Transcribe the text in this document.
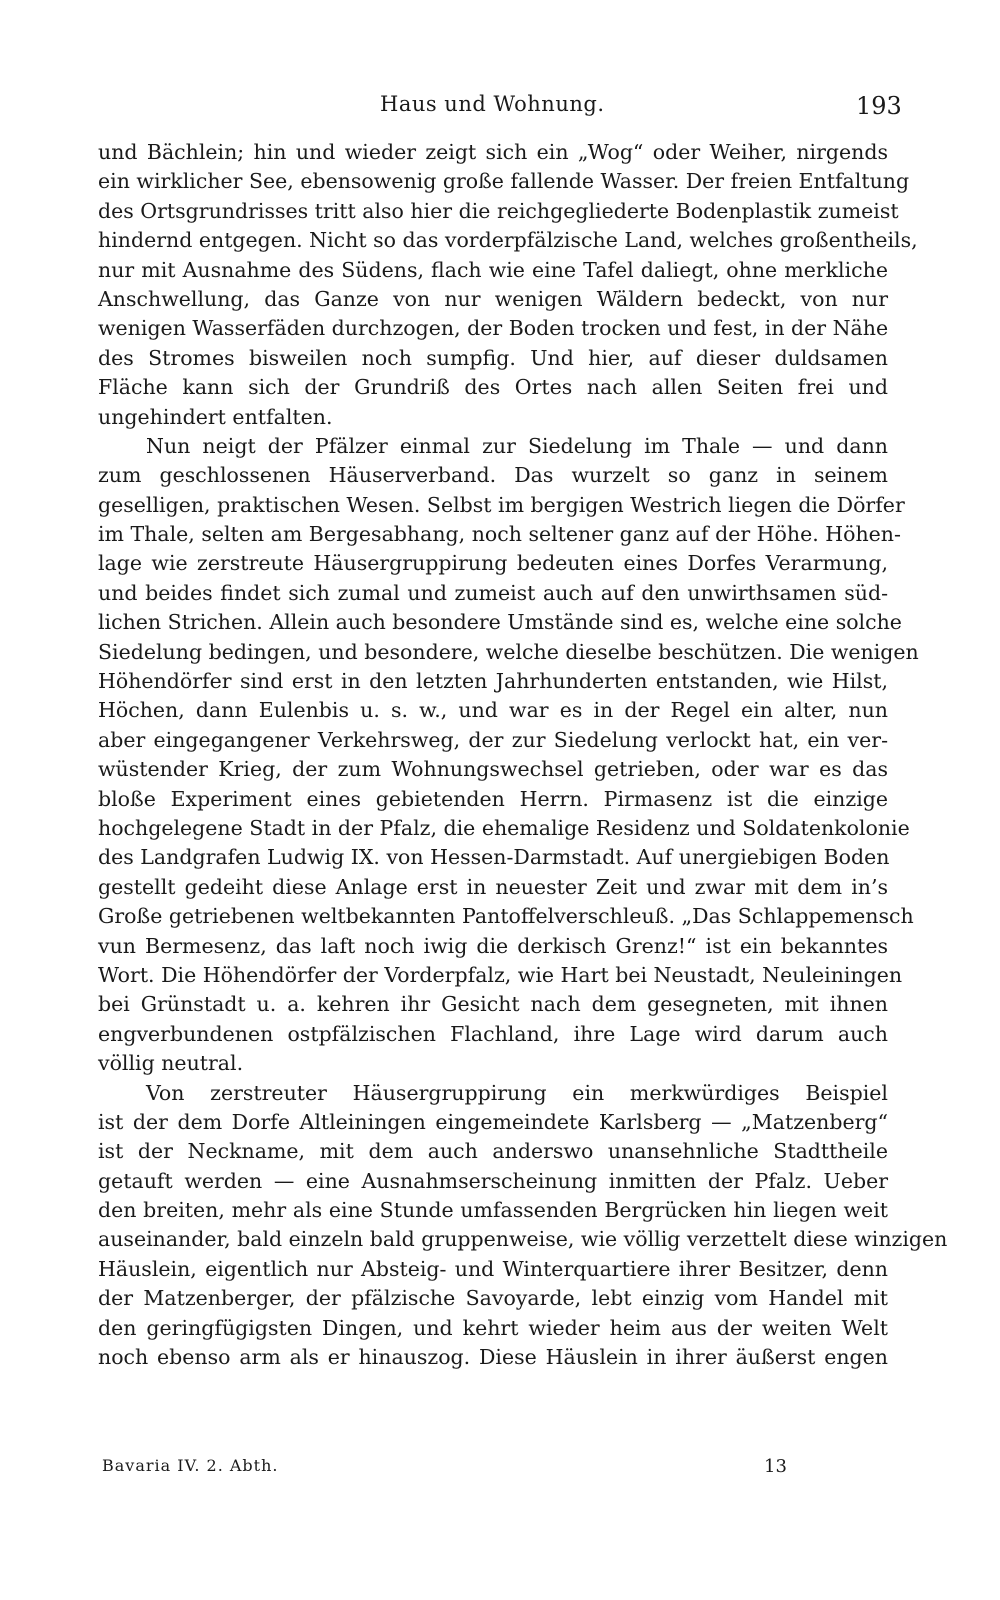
Haus und Wohnung.	193
und Bächlein; hin und wieder zeigt sich ein „Wog“ oder Weiher, nirgends
ein wirklicher See, ebensowenig große fallende Wasser. Der freien Entfaltung
des Ortsgrundrisses tritt also hier die reichgegliederte Bodenplastik zumeist
hindernd entgegen. Nicht so das vorderpfälzische Land, welches großentheils,
nur mit Ausnahme des Südens, flach wie eine Tafel daliegt, ohne merkliche
Anschwellung, das Ganze von nur wenigen Wäldern bedeckt, von nur
wenigen Wasserfäden durchzogen, der Boden trocken und fest, in der Nähe
des Stromes bisweilen noch sumpfig. Und hier, auf dieser duldsamen
Fläche kann sich der Grundriß des Ortes nach allen Seiten frei und
ungehindert entfalten.
Nun neigt der Pfälzer einmal zur Siedelung im Thale — und dann
zum geschlossenen Häuserverband. Das wurzelt so ganz in seinem
geselligen, praktischen Wesen. Selbst im bergigen Westrich liegen die Dörfer
im Thale, selten am Bergesabhang, noch seltener ganz auf der Höhe. Höhen-
lage wie zerstreute Häusergruppirung bedeuten eines Dorfes Verarmung,
und beides findet sich zumal und zumeist auch auf den unwirthsamen süd-
lichen Strichen. Allein auch besondere Umstände sind es, welche eine solche
Siedelung bedingen, und besondere, welche dieselbe beschützen. Die wenigen
Höhendörfer sind erst in den letzten Jahrhunderten entstanden, wie Hilst,
Höchen, dann Eulenbis u. s. w., und war es in der Regel ein alter, nun
aber eingegangener Verkehrsweg, der zur Siedelung verlockt hat, ein ver-
wüstender Krieg, der zum Wohnungswechsel getrieben, oder war es das
bloße Experiment eines gebietenden Herrn. Pirmasenz ist die einzige
hochgelegene Stadt in der Pfalz, die ehemalige Residenz und Soldatenkolonie
des Landgrafen Ludwig IX. von Hessen-Darmstadt. Auf unergiebigen Boden
gestellt gedeiht diese Anlage erst in neuester Zeit und zwar mit dem in’s
Große getriebenen weltbekannten Pantoffelverschleuß. „Das Schlappemensch
vun Bermesenz, das laft noch iwig die derkisch Grenz!“ ist ein bekanntes
Wort. Die Höhendörfer der Vorderpfalz, wie Hart bei Neustadt, Neuleiningen
bei Grünstadt u. a. kehren ihr Gesicht nach dem gesegneten, mit ihnen
engverbundenen ostpfälzischen Flachland, ihre Lage wird darum auch
völlig neutral.
Von zerstreuter Häusergruppirung ein merkwürdiges Beispiel
ist der dem Dorfe Altleiningen eingemeindete Karlsberg — „Matzenberg“
ist der Neckname, mit dem auch anderswo unansehnliche Stadttheile
getauft werden — eine Ausnahmserscheinung inmitten der Pfalz. Ueber
den breiten, mehr als eine Stunde umfassenden Bergrücken hin liegen weit
auseinander, bald einzeln bald gruppenweise, wie völlig verzettelt diese winzigen
Häuslein, eigentlich nur Absteig- und Winterquartiere ihrer Besitzer, denn
der Matzenberger, der pfälzische Savoyarde, lebt einzig vom Handel mit
den geringfügigsten Dingen, und kehrt wieder heim aus der weiten Welt
noch ebenso arm als er hinauszog. Diese Häuslein in ihrer äußerst engen
Bavaria IV. 2. Abth.	13
